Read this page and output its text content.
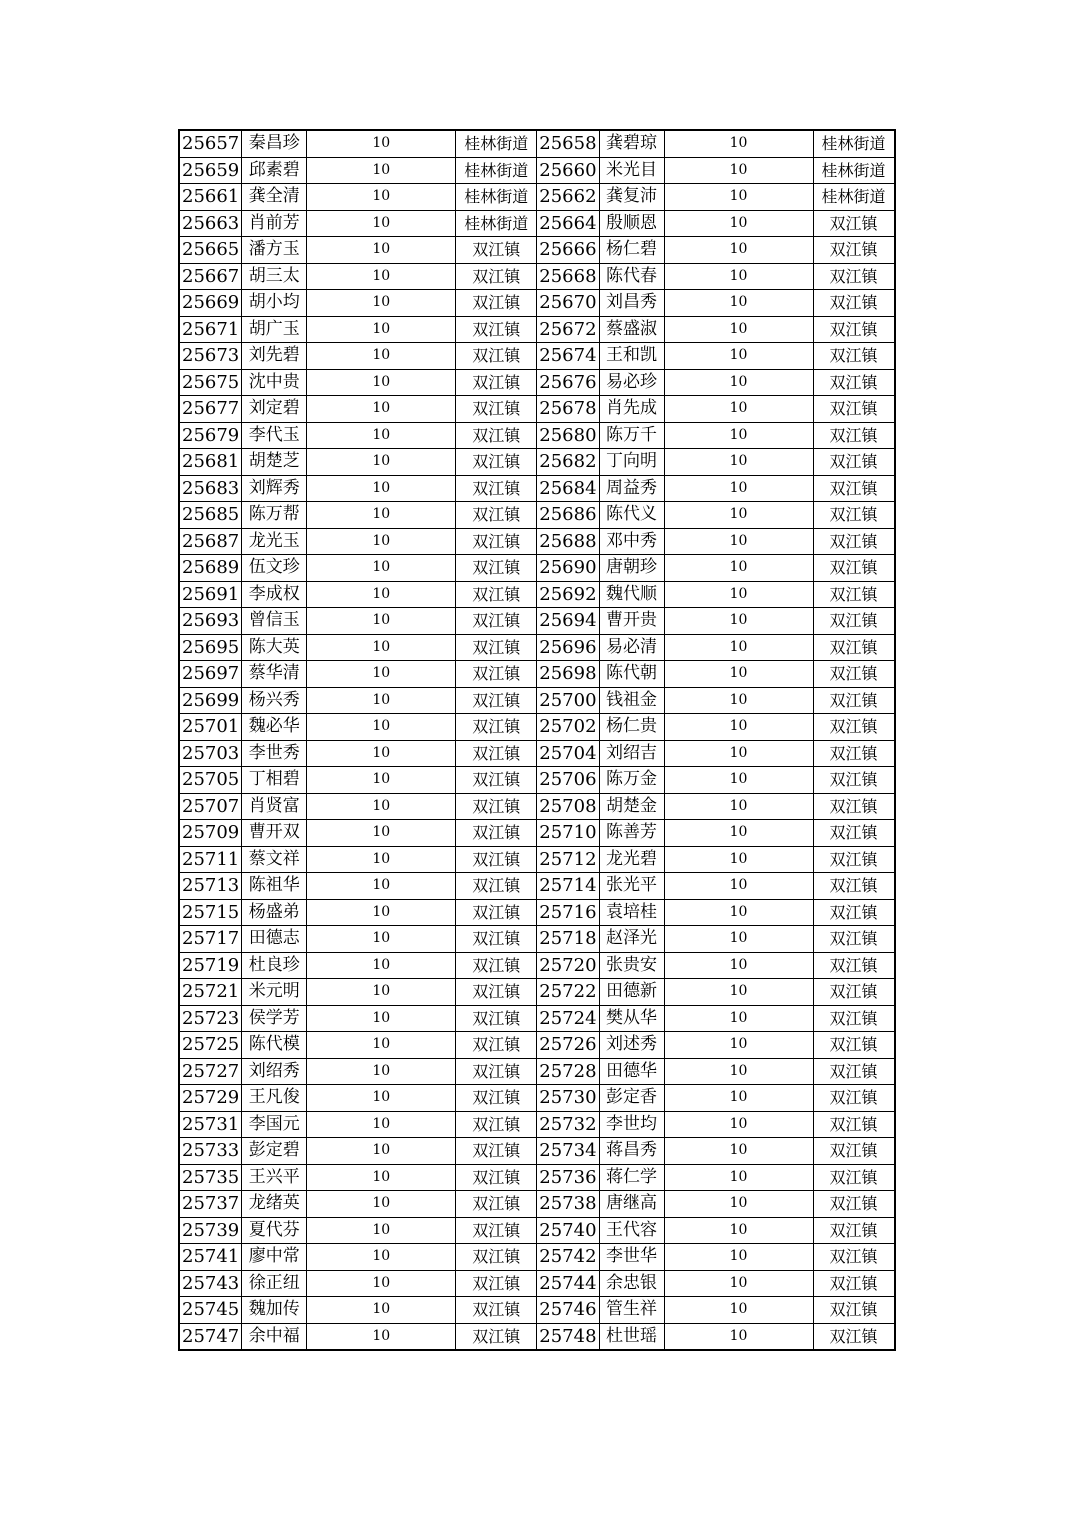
25657	秦昌珍	10	桂林街道	25658	龚碧琼	10	桂林街道
25659	邱素碧	10	桂林街道	25660	米光目	10	桂林街道
25661	龚全清	10	桂林街道	25662	龚复沛	10	桂林街道
25663	肖前芳	10	桂林街道	25664	殷顺恩	10	双江镇
25665	潘方玉	10	双江镇	25666	杨仁碧	10	双江镇
25667	胡三太	10	双江镇	25668	陈代春	10	双江镇
25669	胡小均	10	双江镇	25670	刘昌秀	10	双江镇
25671	胡广玉	10	双江镇	25672	蔡盛淑	10	双江镇
25673	刘先碧	10	双江镇	25674	王和凯	10	双江镇
25675	沈中贵	10	双江镇	25676	易必珍	10	双江镇
25677	刘定碧	10	双江镇	25678	肖先成	10	双江镇
25679	李代玉	10	双江镇	25680	陈万千	10	双江镇
25681	胡楚芝	10	双江镇	25682	丁向明	10	双江镇
25683	刘辉秀	10	双江镇	25684	周益秀	10	双江镇
25685	陈万帮	10	双江镇	25686	陈代义	10	双江镇
25687	龙光玉	10	双江镇	25688	邓中秀	10	双江镇
25689	伍文珍	10	双江镇	25690	唐朝珍	10	双江镇
25691	李成权	10	双江镇	25692	魏代顺	10	双江镇
25693	曾信玉	10	双江镇	25694	曹开贵	10	双江镇
25695	陈大英	10	双江镇	25696	易必清	10	双江镇
25697	蔡华清	10	双江镇	25698	陈代朝	10	双江镇
25699	杨兴秀	10	双江镇	25700	钱祖金	10	双江镇
25701	魏必华	10	双江镇	25702	杨仁贵	10	双江镇
25703	李世秀	10	双江镇	25704	刘绍吉	10	双江镇
25705	丁相碧	10	双江镇	25706	陈万金	10	双江镇
25707	肖贤富	10	双江镇	25708	胡楚金	10	双江镇
25709	曹开双	10	双江镇	25710	陈善芳	10	双江镇
25711	蔡文祥	10	双江镇	25712	龙光碧	10	双江镇
25713	陈祖华	10	双江镇	25714	张光平	10	双江镇
25715	杨盛弟	10	双江镇	25716	袁培桂	10	双江镇
25717	田德志	10	双江镇	25718	赵泽光	10	双江镇
25719	杜良珍	10	双江镇	25720	张贵安	10	双江镇
25721	米元明	10	双江镇	25722	田德新	10	双江镇
25723	侯学芳	10	双江镇	25724	樊从华	10	双江镇
25725	陈代模	10	双江镇	25726	刘述秀	10	双江镇
25727	刘绍秀	10	双江镇	25728	田德华	10	双江镇
25729	王凡俊	10	双江镇	25730	彭定香	10	双江镇
25731	李国元	10	双江镇	25732	李世均	10	双江镇
25733	彭定碧	10	双江镇	25734	蒋昌秀	10	双江镇
25735	王兴平	10	双江镇	25736	蒋仁学	10	双江镇
25737	龙绪英	10	双江镇	25738	唐继高	10	双江镇
25739	夏代芬	10	双江镇	25740	王代容	10	双江镇
25741	廖中常	10	双江镇	25742	李世华	10	双江镇
25743	徐正纽	10	双江镇	25744	余忠银	10	双江镇
25745	魏加传	10	双江镇	25746	管生祥	10	双江镇
25747	余中福	10	双江镇	25748	杜世瑶	10	双江镇
